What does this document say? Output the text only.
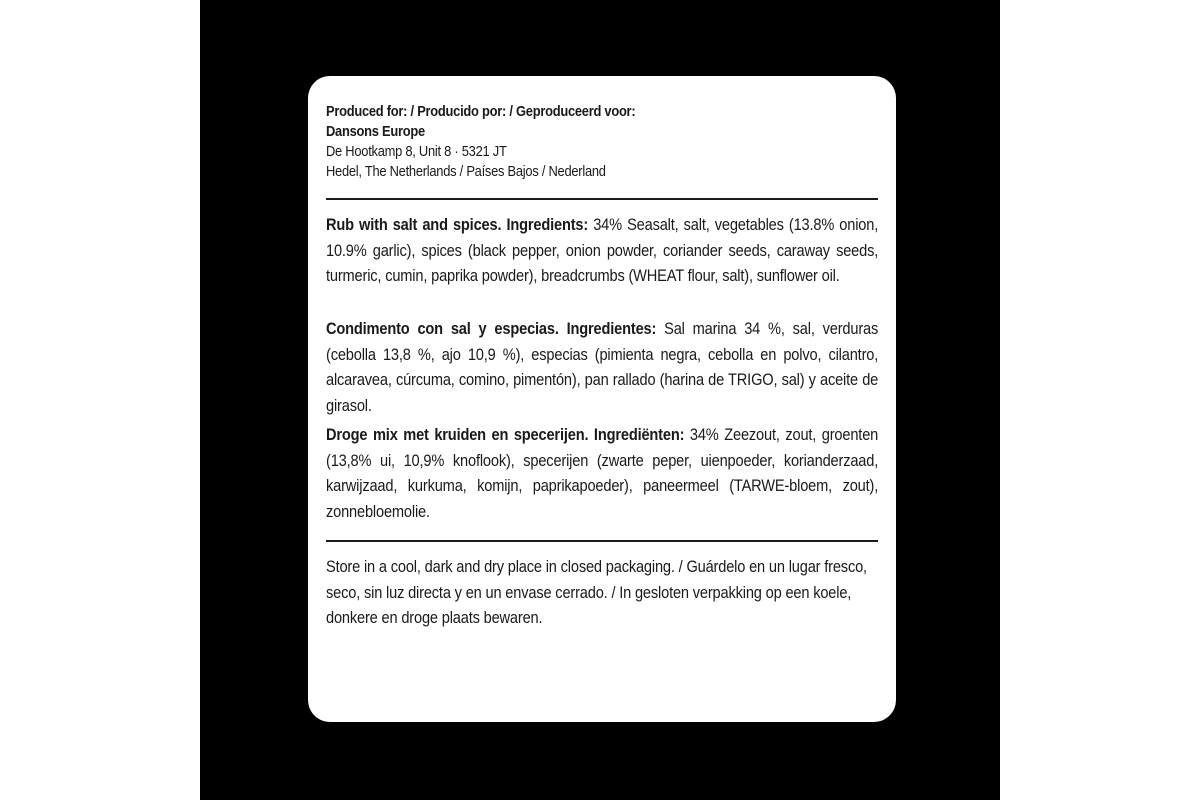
Produced for: / Producido por: / Geproduceerd voor:
Dansons Europe
De Hootkamp 8, Unit 8 · 5321 JT
Hedel, The Netherlands / Países Bajos / Nederland
Rub with salt and spices. Ingredients: 34% Seasalt, salt, vegetables (13.8% onion, 10.9% garlic), spices (black pepper, onion powder, coriander seeds, caraway seeds, turmeric, cumin, paprika powder), breadcrumbs (WHEAT flour, salt), sunflower oil.
Condimento con sal y especias. Ingredientes: Sal marina 34 %, sal, verduras (cebolla 13,8 %, ajo 10,9 %), especias (pimienta negra, cebolla en polvo, cilantro, alcaravea, cúrcuma, comino, pimentón), pan rallado (harina de TRIGO, sal) y aceite de girasol.
Droge mix met kruiden en specerijen. Ingrediënten: 34% Zeezout, zout, groenten (13,8% ui, 10,9% knoflook), specerijen (zwarte peper, uienpoeder, korianderzaad, karwijzaad, kurkuma, komijn, paprikapoeder), paneermeel (TARWE-bloem, zout), zonnebloemolie.
Store in a cool, dark and dry place in closed packaging. / Guárdelo en un lugar fresco, seco, sin luz directa y en un envase cerrado. / In gesloten verpakking op een koele, donkere en droge plaats bewaren.
